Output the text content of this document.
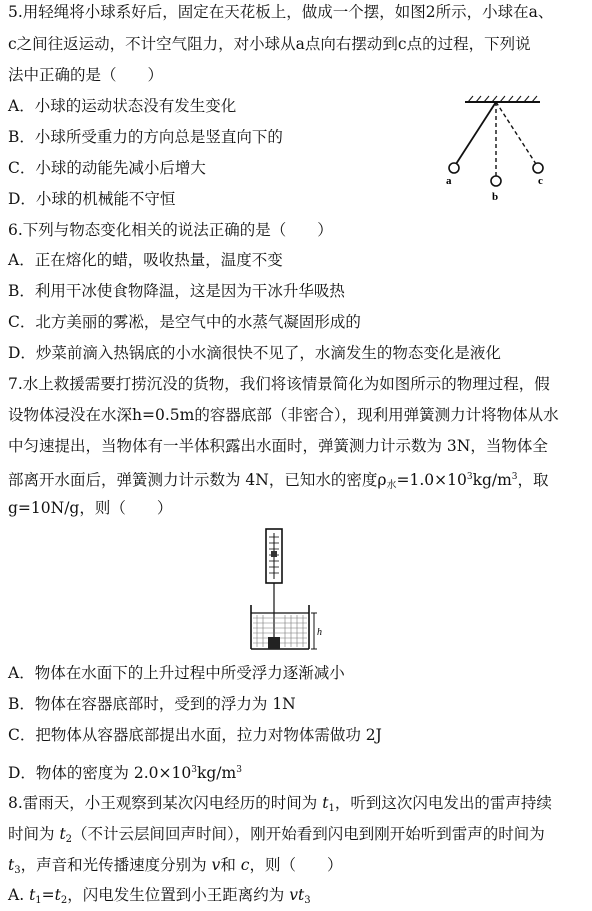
5.用轻绳将小球系好后，固定在天花板上，做成一个摆，如图2所示，小球在a、
c之间往返运动，不计空气阻力，对小球从a点向右摆动到c点的过程，下列说
法中正确的是（　　）
A．小球的运动状态没有发生变化
B．小球所受重力的方向总是竖直向下的
C．小球的动能先减小后增大
D．小球的机械能不守恒
a
b
c
6.下列与物态变化相关的说法正确的是（　　）
A．正在熔化的蜡，吸收热量，温度不变
B．利用干冰使食物降温，这是因为干冰升华吸热
C．北方美丽的雾凇，是空气中的水蒸气凝固形成的
D．炒菜前滴入热锅底的小水滴很快不见了，水滴发生的物态变化是液化
7.水上救援需要打捞沉没的货物，我们将该情景简化为如图所示的物理过程，假
设物体浸没在水深h=0.5m的容器底部（非密合），现利用弹簧测力计将物体从水
中匀速提出，当物体有一半体积露出水面时，弹簧测力计示数为 3N，当物体全
部离开水面后，弹簧测力计示数为 4N，已知水的密度$\rho_水=1.0\times 10^3kg/m^3$，取
g=10N/g，则（　　）
h
A．物体在水面下的上升过程中所受浮力逐渐减小
B．物体在容器底部时，受到的浮力为 1N
C．把物体从容器底部提出水面，拉力对物体需做功 2J
D．物体的密度为 $2.0\times 10^3kg/m^3$
8.雷雨天，小王观察到某次闪电经历的时间为 $t_1$，听到这次闪电发出的雷声持续
时间为 $t_2$（不计云层间回声时间），刚开始看到闪电到刚开始听到雷声的时间为
$t_3$，声音和光传播速度分别为 v和 c，则（　　）
A. $t_1=t_2$，闪电发生位置到小王距离约为 $vt_3$
